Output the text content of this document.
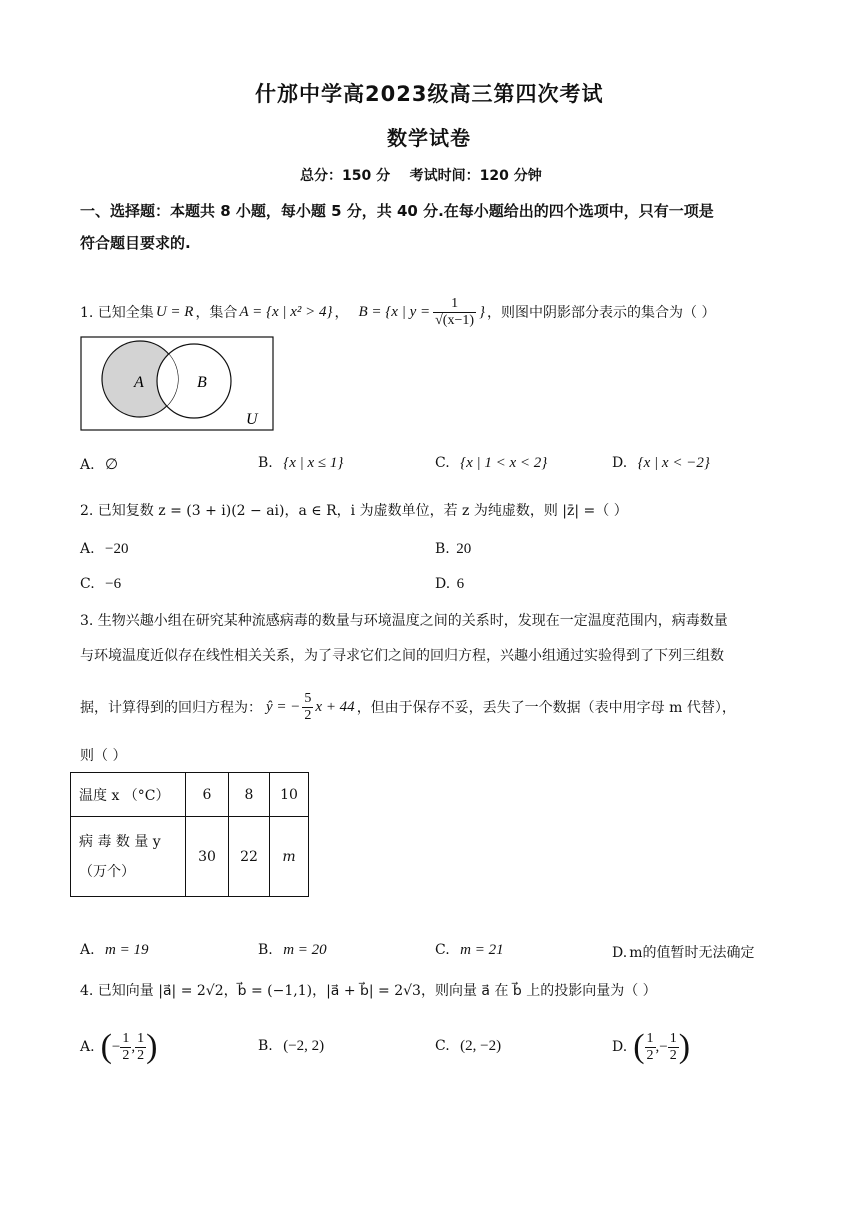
什邡中学高2023级高三第四次考试
数学试卷
总分：150 分    考试时间：120 分钟
一、选择题：本题共 8 小题，每小题 5 分，共 40 分.在每小题给出的四个选项中，只有一项是
符合题目要求的.
1. 已知全集 U = R ，集合 A = {x | x² > 4} ， B = {x | $y = \frac{1}{√(x-1)}$ } ，则图中阴影部分表示的集合为（ ）
A	B
U
A. ∅	B. {x | x ≤ 1}	C. {x | 1 < x < 2}	D. {x | x < −2}
2. 已知复数 z = (3 + i)(2 − ai)，a ∈ R，i 为虚数单位，若 z 为纯虚数，则 |z̄| =（ ）
A. −20	B. 20
C. −6	D. 6
3. 生物兴趣小组在研究某种流感病毒的数量与环境温度之间的关系时，发现在一定温度范围内，病毒数量
与环境温度近似存在线性相关关系，为了寻求它们之间的回归方程，兴趣小组通过实验得到了下列三组数
据，计算得到的回归方程为： ŷ = − $\frac{5}{2}$ x + 44 ，但由于保存不妥，丢失了一个数据（表中用字母 m 代替），
则（ ）
温度 x （°C）	6	8	10

病 毒 数 量 y
（万个）	30	22	m
A. m = 19	B. m = 20	C. m = 21	D. m的值暂时无法确定
4. 已知向量 |a⃗| = 2√2，b⃗ = (−1,1)，|a⃗ + b⃗| = 2√3，则向量 a⃗ 在 b⃗ 上的投影向量为（ ）
A. ( − $\frac{1}{2}$ , $\frac{1}{2}$ )	B. (−2, 2)	C. (2, −2)	D. ( $\frac{1}{2}$ , − $\frac{1}{2}$ )
